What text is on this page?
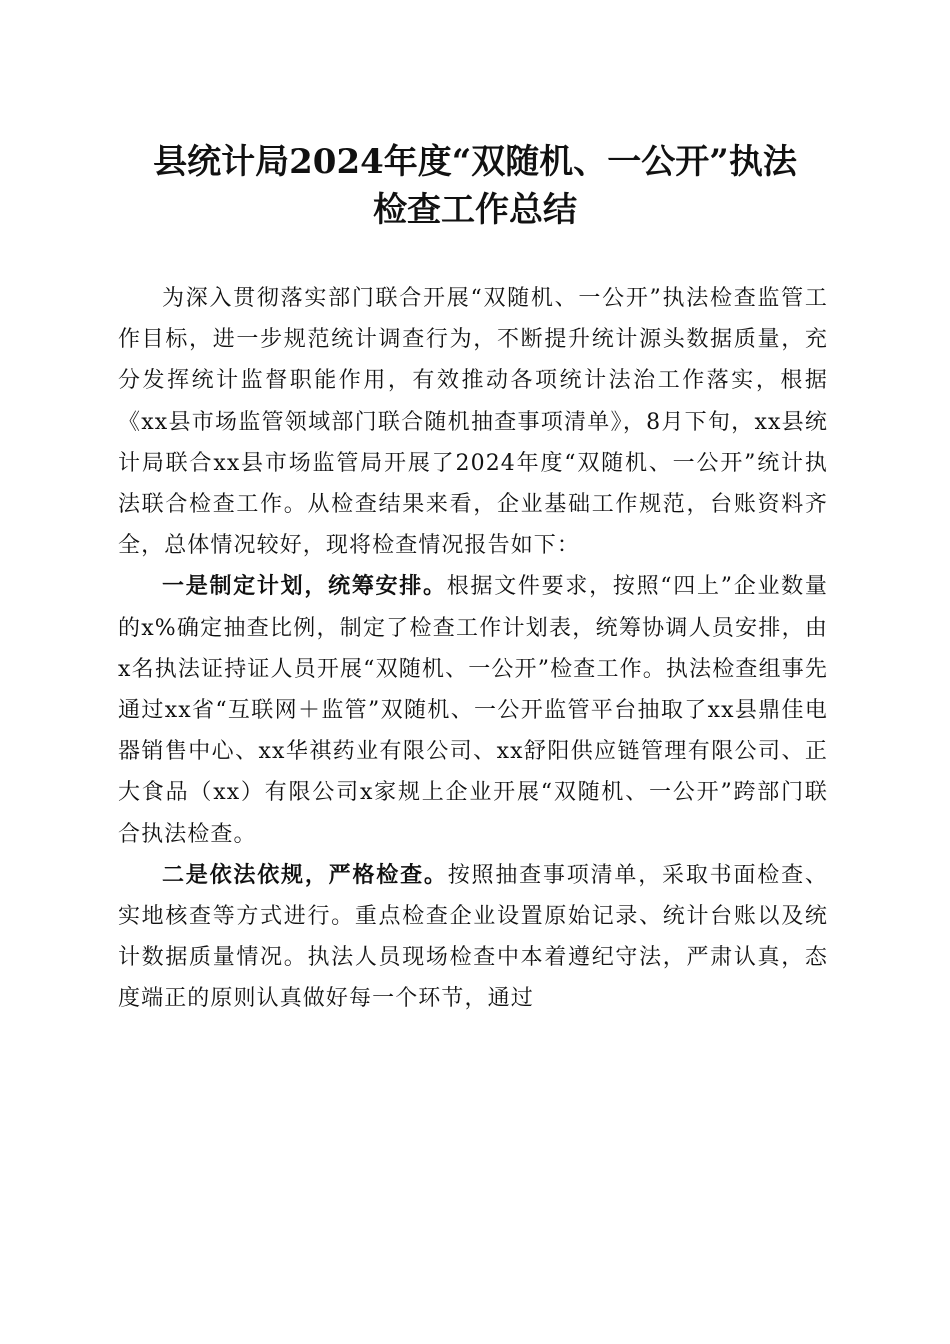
县统计局2024年度“双随机、一公开”执法
检查工作总结

为深入贯彻落实部门联合开展“双随机、一公开”执法检查监管工作目标，进一步规范统计调查行为，不断提升统计源头数据质量，充分发挥统计监督职能作用，有效推动各项统计法治工作落实，根据《xx县市场监管领域部门联合随机抽查事项清单》，8月下旬，xx县统计局联合xx县市场监管局开展了2024年度“双随机、一公开”统计执法联合检查工作。从检查结果来看，企业基础工作规范，台账资料齐全，总体情况较好，现将检查情况报告如下：

一是制定计划，统筹安排。根据文件要求，按照“四上”企业数量的x%确定抽查比例，制定了检查工作计划表，统筹协调人员安排，由x名执法证持证人员开展“双随机、一公开”检查工作。执法检查组事先通过xx省“互联网＋监管”双随机、一公开监管平台抽取了xx县鼎佳电器销售中心、xx华祺药业有限公司、xx舒阳供应链管理有限公司、正大食品（xx）有限公司x家规上企业开展“双随机、一公开”跨部门联合执法检查。

二是依法依规，严格检查。按照抽查事项清单，采取书面检查、实地核查等方式进行。重点检查企业设置原始记录、统计台账以及统计数据质量情况。执法人员现场检查中本着遵纪守法，严肃认真，态度端正的原则认真做好每一个环节，通过
